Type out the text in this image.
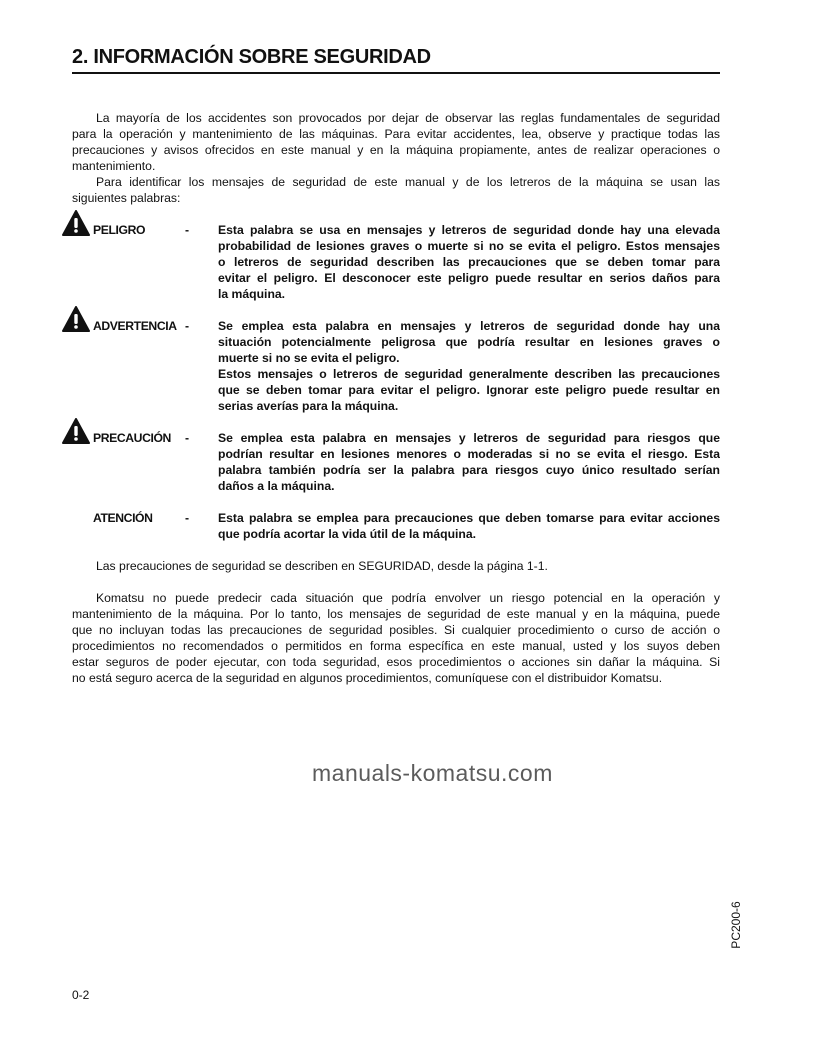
2. INFORMACIÓN SOBRE SEGURIDAD
La mayoría de los accidentes son provocados por dejar de observar las reglas fundamentales de seguridad
para la operación y mantenimiento de las máquinas. Para evitar accidentes, lea, observe y practique todas las
precauciones y avisos ofrecidos en este manual y en la máquina propiamente, antes de realizar operaciones o
mantenimiento.
Para identificar los mensajes de seguridad de este manual y de los letreros de la máquina se usan las
siguientes palabras:
PELIGRO	- Esta palabra se usa en mensajes y letreros de seguridad donde hay una elevada
probabilidad de lesiones graves o muerte si no se evita el peligro. Estos mensajes
o letreros de seguridad describen las precauciones que se deben tomar para
evitar el peligro. El desconocer este peligro puede resultar en serios daños para
la máquina.
ADVERTENCIA - Se emplea esta palabra en mensajes y letreros de seguridad donde hay una
situación potencialmente peligrosa que podría resultar en lesiones graves o
muerte si no se evita el peligro.
Estos mensajes o letreros de seguridad generalmente describen las precauciones
que se deben tomar para evitar el peligro. Ignorar este peligro puede resultar en
serias averías para la máquina.
PRECAUCIÓN - Se emplea esta palabra en mensajes y letreros de seguridad para riesgos que
podrían resultar en lesiones menores o moderadas si no se evita el riesgo. Esta
palabra también podría ser la palabra para riesgos cuyo único resultado serían
daños a la máquina.
ATENCIÓN	- Esta palabra se emplea para precauciones que deben tomarse para evitar acciones
que podría acortar la vida útil de la máquina.
Las precauciones de seguridad se describen en SEGURIDAD, desde la página 1-1.
Komatsu no puede predecir cada situación que podría envolver un riesgo potencial en la operación y
mantenimiento de la máquina. Por lo tanto, los mensajes de seguridad de este manual y en la máquina, puede
que no incluyan todas las precauciones de seguridad posibles. Si cualquier procedimiento o curso de acción o
procedimientos no recomendados o permitidos en forma específica en este manual, usted y los suyos deben
estar seguros de poder ejecutar, con toda seguridad, esos procedimientos o acciones sin dañar la máquina. Si
no está seguro acerca de la seguridad en algunos procedimientos, comuníquese con el distribuidor Komatsu.
manuals-komatsu.com
PC200-6
0-2
